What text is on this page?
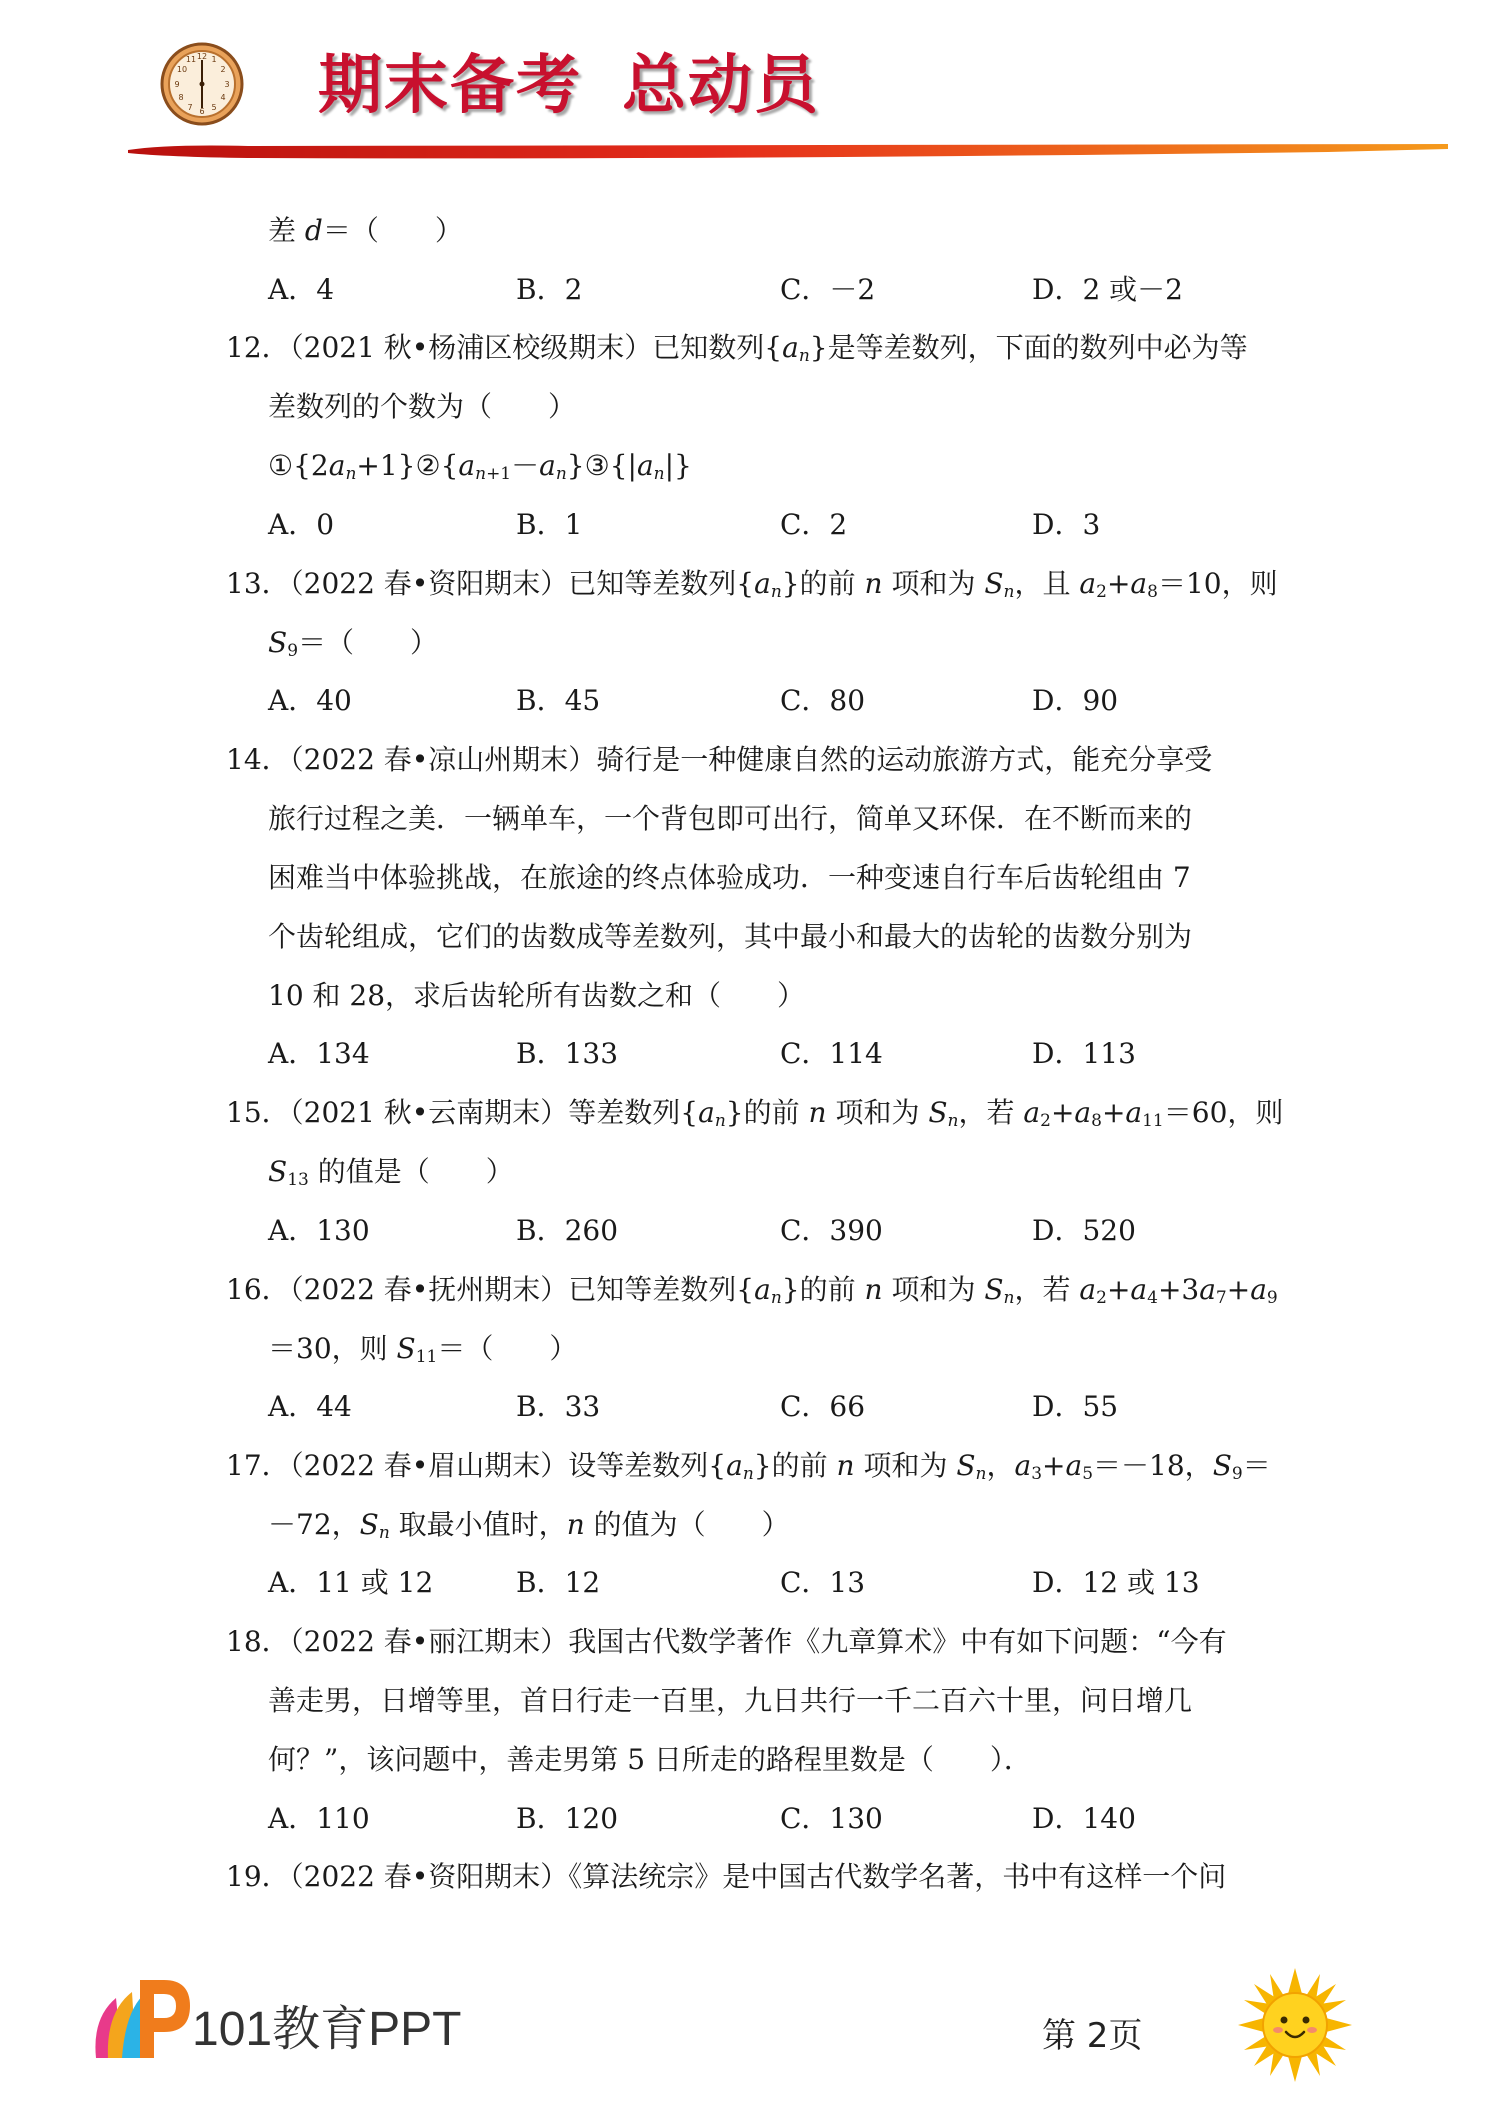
12 1
2
3
4
5
6
7
8
9
10
11 期末备考 总动员
差 d＝（　　）
A．4	B．2	C．－2	D．2 或－2
12．（2021 秋•杨浦区校级期末）已知数列$\{a_n\}$是等差数列，下面的数列中必为等
差数列的个数为（　　）
$①\{2a_n+1\}②\{a_{n+1}-a_n\}③\{|a_n|\}$
A．0	B．1	C．2	D．3
13．（2022 春•资阳期末）已知等差数列$\{a_n\}$的前 n 项和为 $S_n$，且 $a_2+a_8=10$，则
$S_9=$（　　）
A．40	B．45	C．80	D．90
14．（2022 春•凉山州期末）骑行是一种健康自然的运动旅游方式，能充分享受
旅行过程之美．一辆单车，一个背包即可出行，简单又环保．在不断而来的
困难当中体验挑战，在旅途的终点体验成功．一种变速自行车后齿轮组由 7
个齿轮组成，它们的齿数成等差数列，其中最小和最大的齿轮的齿数分别为
10 和 28，求后齿轮所有齿数之和（　　）
A．134	B．133	C．114	D．113
15．（2021 秋•云南期末）等差数列$\{a_n\}$的前 n 项和为 $S_n$，若 $a_2+a_8+a_{11}=60$，则
$S_{13}$ 的值是（　　）
A．130	B．260	C．390	D．520
16．（2022 春•抚州期末）已知等差数列$\{a_n\}$的前 n 项和为 $S_n$，若 $a_2+a_4+3a_7+a_9$
＝30，则 $S_{11}=$（　　）
A．44	B．33	C．66	D．55
17．（2022 春•眉山期末）设等差数列$\{a_n\}$的前 n 项和为 $S_n$，$a_3+a_5=-18$，$S_9=$
－72，$S_n$ 取最小值时，n 的值为（　　）
A．11 或 12	B．12	C．13	D．12 或 13
18．（2022 春•丽江期末）我国古代数学著作《九章算术》中有如下问题：“今有
善走男，日增等里，首日行走一百里，九日共行一千二百六十里，问日增几
何？”，该问题中，善走男第 5 日所走的路程里数是（　　）．
A．110	B．120	C．130	D．140
19．（2022 春•资阳期末）《算法统宗》是中国古代数学名著，书中有这样一个问
101教育PPT	第 2页
